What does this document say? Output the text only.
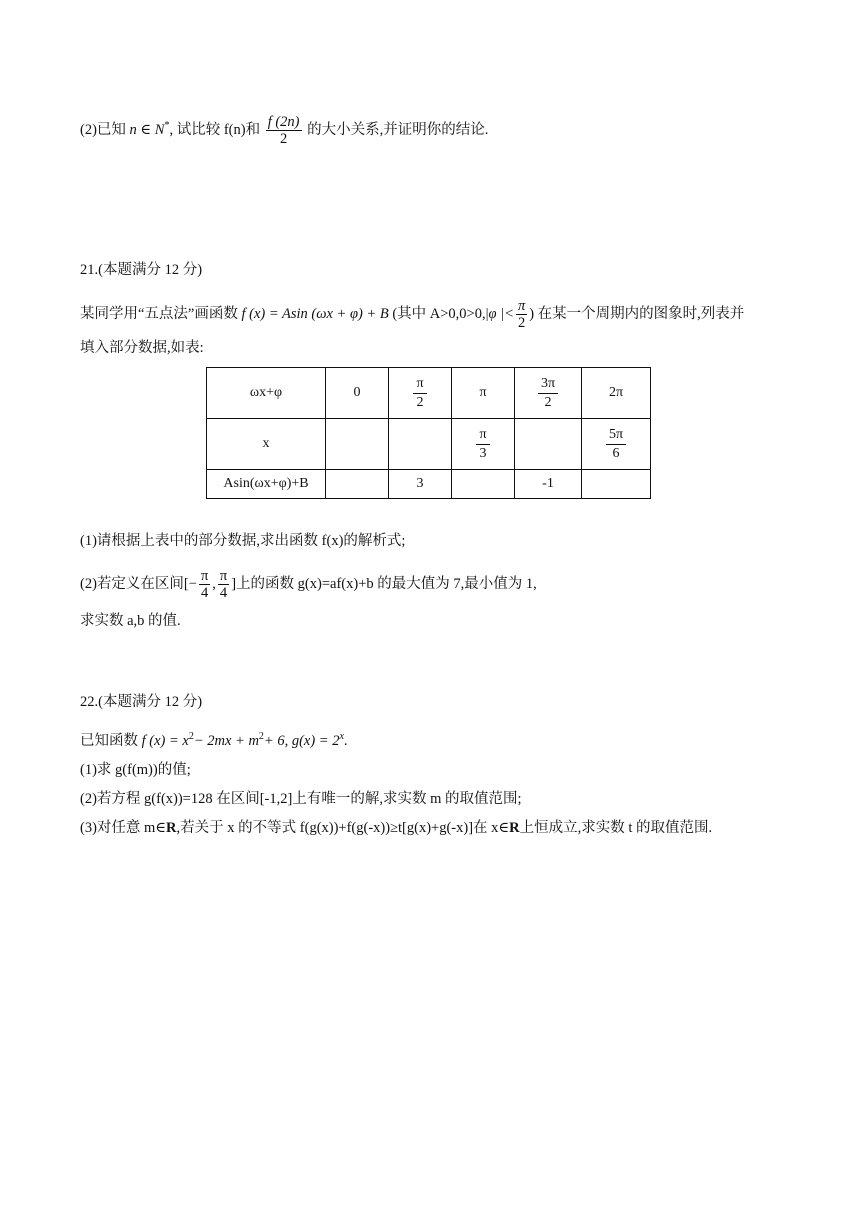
(2)已知 n ∈ N*, 试比较 f(n)和 $\frac{f (2n)}{2}$ 的大小关系,并证明你的结论.
21.(本题满分 12 分)
某同学用“五点法”画函数 f (x) = Asin (ωx + φ) + B (其中 A>0,0>0,|φ |< $\frac{\pi}{2}$ ) 在某一个周期内的图象时,列表并
填入部分数据,如表:
ωx+φ	0	$\frac{\pi}{2}$	π	$\frac{3\pi}{2}$	2π
x			$\frac{\pi}{3}$		$\frac{5\pi}{6}$

Asin(ωx+φ)+B		3		-1	
(1)请根据上表中的部分数据,求出函数 f(x)的解析式;
(2)若定义在区间[− $\frac{\pi}{4}$ , $\frac{\pi}{4}$ ]上的函数 g(x)=af(x)+b 的最大值为 7,最小值为 1,
求实数 a,b 的值.
22.(本题满分 12 分)
已知函数 f $(x) = x^2- 2mx + m^2+ 6$, $g(x) = 2^x$.
(1)求 g(f(m))的值;
(2)若方程 g(f(x))=128 在区间[-1,2]上有唯一的解,求实数 m 的取值范围;
(3)对任意 m∈R,若关于 x 的不等式 f(g(x))+f(g(-x))≥t[g(x)+g(-x)]在 x∈R上恒成立,求实数 t 的取值范围.
